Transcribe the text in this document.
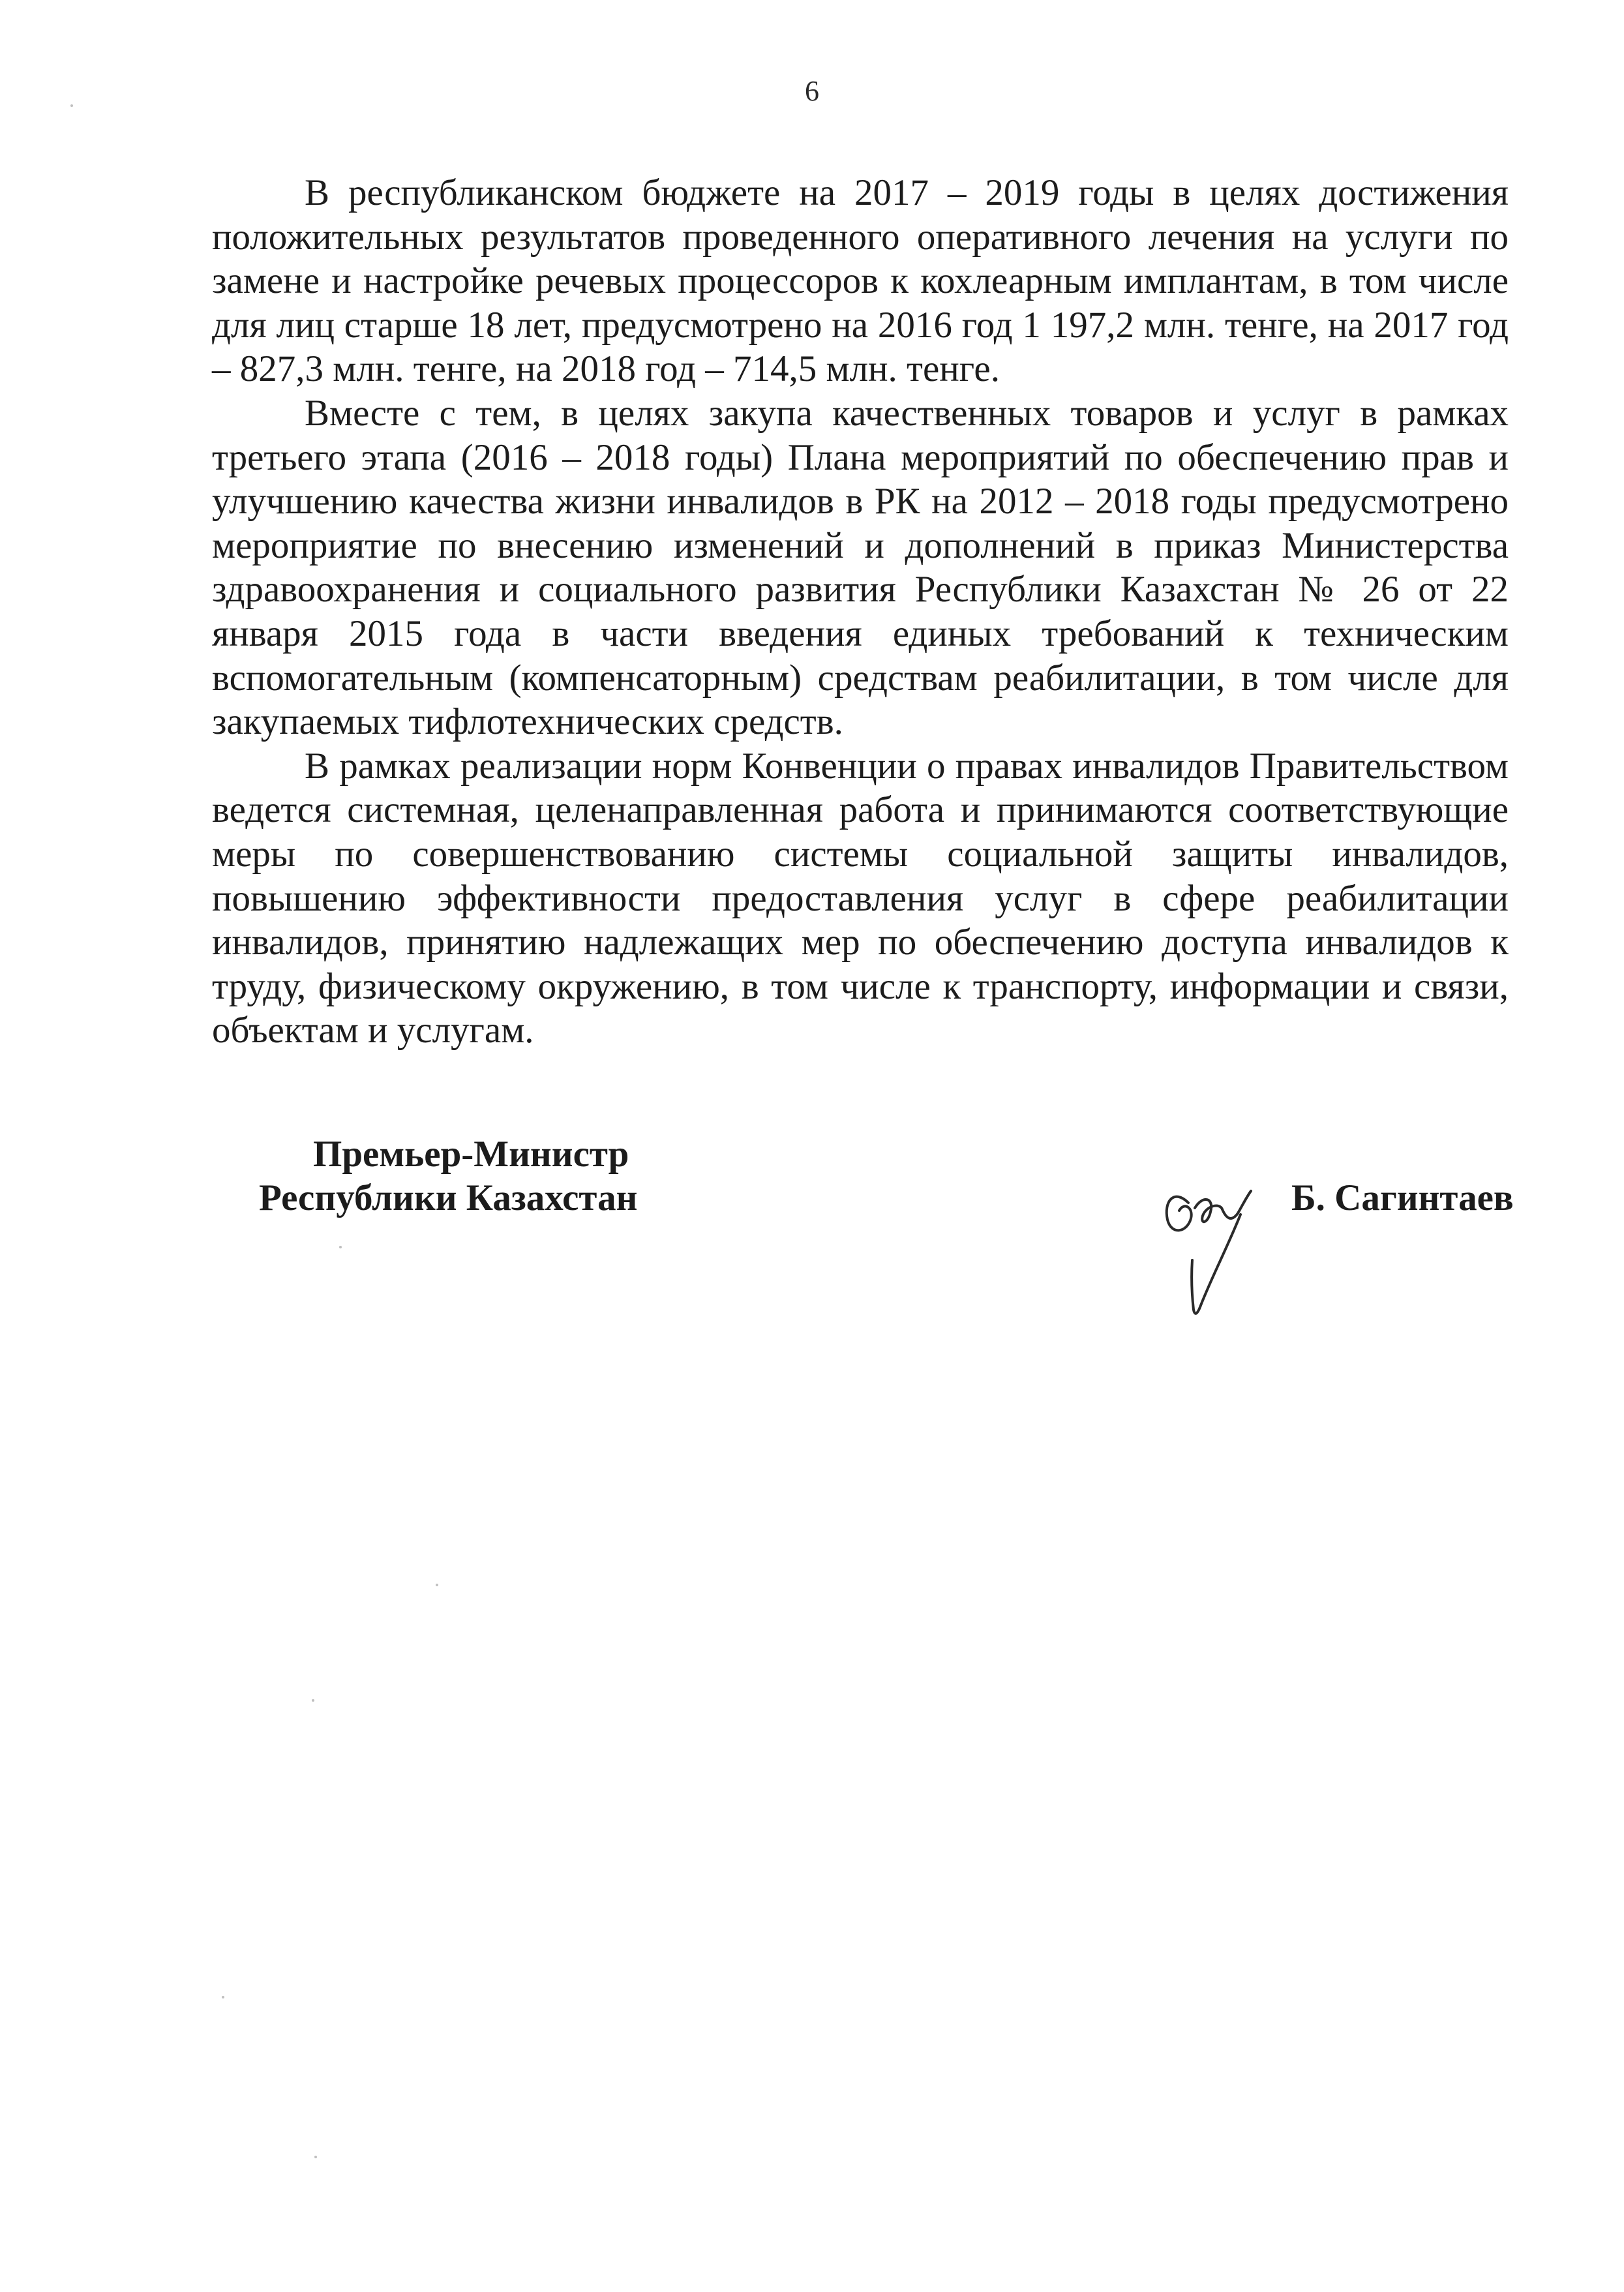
6

В республиканском бюджете на 2017 – 2019 годы в целях достижения положительных результатов проведенного оперативного лечения на услуги по замене и настройке речевых процессоров к кохлеарным имплантам, в том числе для лиц старше 18 лет, предусмотрено на 2016 год 1 197,2 млн. тенге, на 2017 год – 827,3 млн. тенге, на 2018 год – 714,5 млн. тенге.

Вместе с тем, в целях закупа качественных товаров и услуг в рамках третьего этапа (2016 – 2018 годы) Плана мероприятий по обеспечению прав и улучшению качества жизни инвалидов в РК на 2012 – 2018 годы предусмотрено мероприятие по внесению изменений и дополнений в приказ Министерства здравоохранения и социального развития Республики Казахстан № 26 от 22 января 2015 года в части введения единых требований к техническим вспомогательным (компенсаторным) средствам реабилитации, в том числе для закупаемых тифлотехнических средств.

В рамках реализации норм Конвенции о правах инвалидов Правительством ведется системная, целенаправленная работа и принимаются соответствующие меры по совершенствованию системы социальной защиты инвалидов, повышению эффективности предоставления услуг в сфере реабилитации инвалидов, принятию надлежащих мер по обеспечению доступа инвалидов к труду, физическому окружению, в том числе к транспорту, информации и связи, объектам и услугам.

Премьер-Министр
Республики Казахстан	Б. Сагинтаев
